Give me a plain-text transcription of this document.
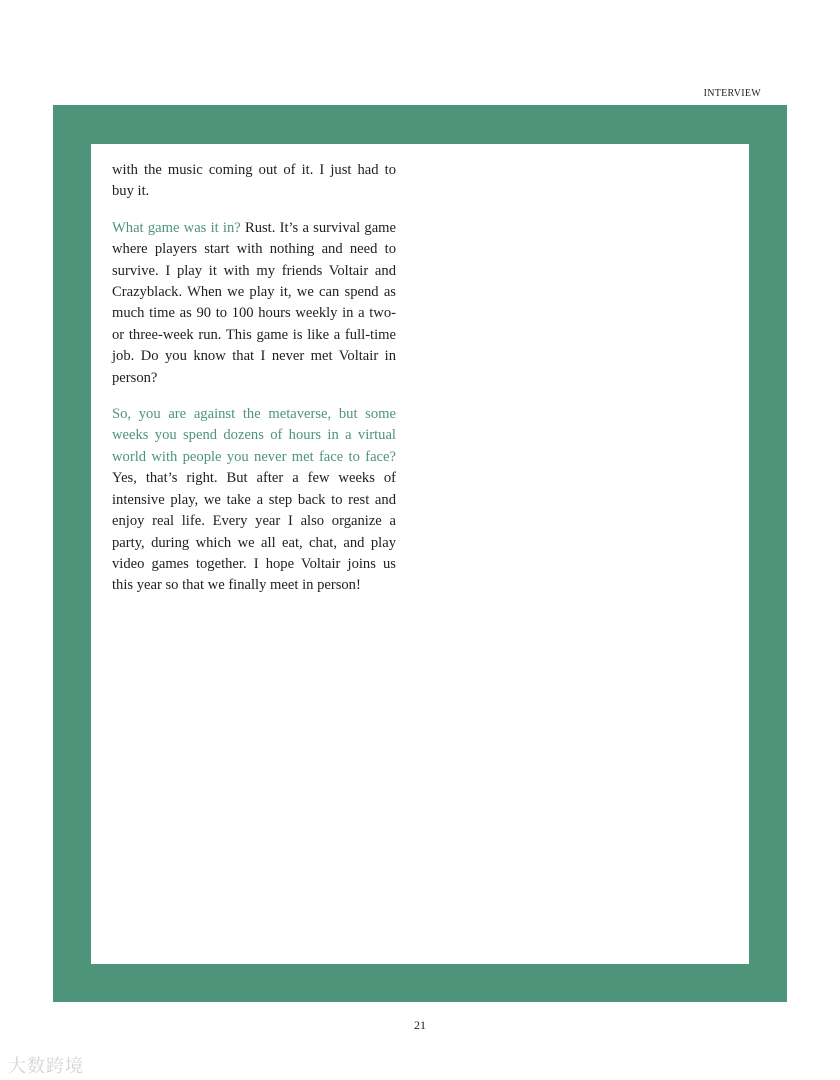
INTERVIEW

with the music coming out of it. I just had to buy it.

What game was it in? Rust. It’s a survival game where players start with nothing and need to survive. I play it with my friends Voltair and Crazyblack. When we play it, we can spend as much time as 90 to 100 hours weekly in a two- or three-week run. This game is like a full-time job. Do you know that I never met Voltair in person?

So, you are against the metaverse, but some weeks you spend dozens of hours in a virtual world with people you never met face to face? Yes, that’s right. But after a few weeks of intensive play, we take a step back to rest and enjoy real life. Every year I also organize a party, during which we all eat, chat, and play video games together. I hope Voltair joins us this year so that we finally meet in person!

21
大数跨境
